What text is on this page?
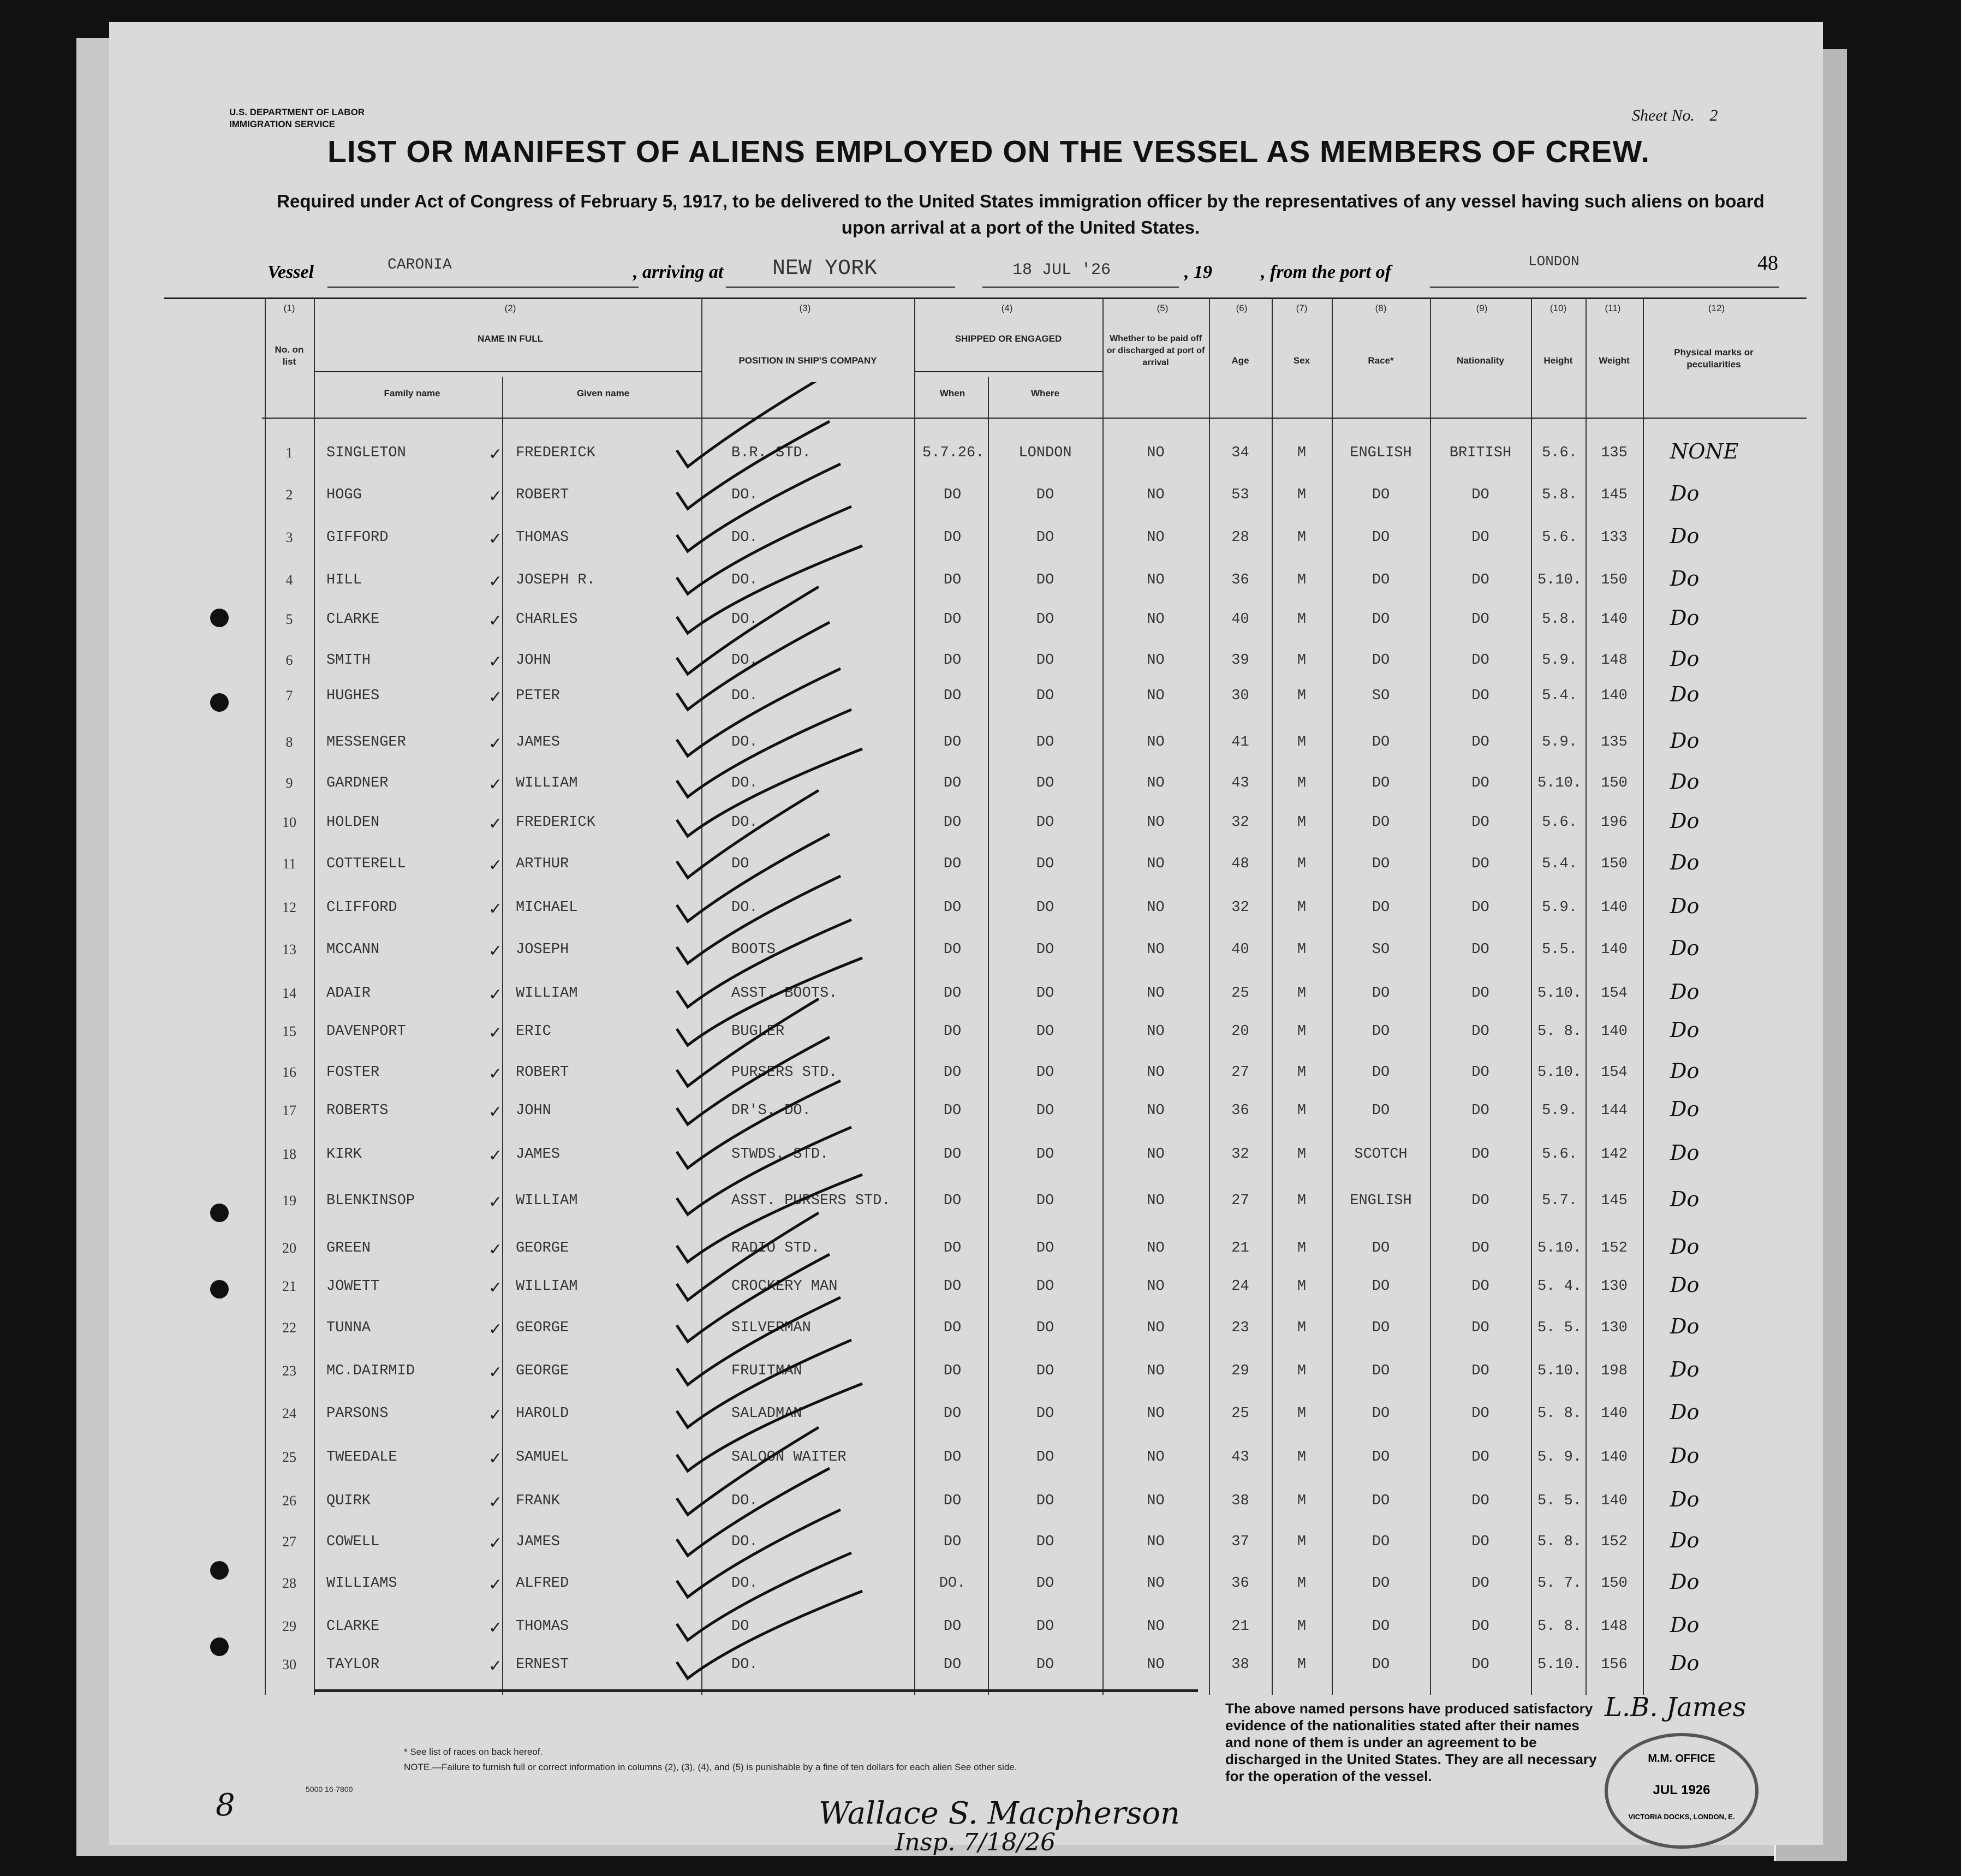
U.S. DEPARTMENT OF LABOR
IMMIGRATION SERVICE	Sheet No. 2
LIST OR MANIFEST OF ALIENS EMPLOYED ON THE VESSEL AS MEMBERS OF CREW.
Required under Act of Congress of February 5, 1917, to be delivered to the United States immigration officer by the representatives of any vessel having such aliens on board upon arrival at a port of the United States.
Vessel	CARONIA	, arriving at NEW YORK	18 JUL '26	, 19	, from the port of
LONDON	48
(1)	(2)	(3)	(4)	(5)	(6)	(7)	(8)	(9)	(10)	(11)	(12)
No. on list
NAME IN FULL
Family name	Given name
POSITION IN SHIP'S COMPANY
SHIPPED OR ENGAGED
When	Where
Whether to be paid off or discharged at port of arrival	Age	Sex	Race*	Nationality	Height	Weight
Physical marks or peculiarities
1	SINGLETON	✓ FREDERICK	B.R. STD.	5.7.26.	LONDON	NO	34	M	ENGLISH	BRITISH	5.6.	135	NONE
2	HOGG	✓ ROBERT	DO.	DO	DO	NO	53	M	DO	DO	5.8.	145	Do
3	GIFFORD	✓ THOMAS	DO.	DO	DO	NO	28	M	DO	DO	5.6.	133	Do
4	HILL	✓ JOSEPH R.	DO.	DO	DO	NO	36	M	DO	DO	5.10.	150	Do
5	CLARKE	✓ CHARLES	DO.	DO	DO	NO	40	M	DO	DO	5.8.	140	Do
6	SMITH	✓ JOHN	DO.	DO	DO	NO	39	M	DO	DO	5.9.	148	Do
7	HUGHES	✓ PETER	DO.	DO	DO	NO	30	M	SO	DO	5.4.	140	Do
8	MESSENGER	✓ JAMES	DO.	DO	DO	NO	41	M	DO	DO	5.9.	135	Do
9	GARDNER	✓ WILLIAM	DO.	DO	DO	NO	43	M	DO	DO	5.10.	150	Do
10	HOLDEN	✓ FREDERICK	DO.	DO	DO	NO	32	M	DO	DO	5.6.	196	Do
11	COTTERELL	✓ ARTHUR	DO	DO	DO	NO	48	M	DO	DO	5.4.	150	Do
12	CLIFFORD	✓ MICHAEL	DO.	DO	DO	NO	32	M	DO	DO	5.9.	140	Do
13	MCCANN	✓ JOSEPH	BOOTS	DO	DO	NO	40	M	SO	DO	5.5.	140	Do
14	ADAIR	✓ WILLIAM	ASST. BOOTS.	DO	DO	NO	25	M	DO	DO	5.10.	154	Do
15	DAVENPORT	✓ ERIC	BUGLER	DO	DO	NO	20	M	DO	DO	5. 8.	140	Do
16	FOSTER	✓ ROBERT	PURSERS STD.	DO	DO	NO	27	M	DO	DO	5.10.	154	Do
17	ROBERTS	✓ JOHN	DR'S. DO.	DO	DO	NO	36	M	DO	DO	5.9.	144	Do
18	KIRK	✓ JAMES	STWDS. STD.	DO	DO	NO	32	M	SCOTCH	DO	5.6.	142	Do
19	BLENKINSOP	✓ WILLIAM	ASST. PURSERS STD.	DO	DO	NO	27	M	ENGLISH	DO	5.7.	145	Do
20	GREEN	✓ GEORGE	RADIO STD.	DO	DO	NO	21	M	DO	DO	5.10.	152	Do
21	JOWETT	✓ WILLIAM	CROCKERY MAN	DO	DO	NO	24	M	DO	DO	5. 4.	130	Do
22	TUNNA	✓ GEORGE	SILVERMAN	DO	DO	NO	23	M	DO	DO	5. 5.	130	Do
23	MC.DAIRMID	✓ GEORGE	FRUITMAN	DO	DO	NO	29	M	DO	DO	5.10.	198	Do
24	PARSONS	✓ HAROLD	SALADMAN	DO	DO	NO	25	M	DO	DO	5. 8.	140	Do
25	TWEEDALE	✓ SAMUEL	SALOON WAITER	DO	DO	NO	43	M	DO	DO	5. 9.	140	Do
26	QUIRK	✓ FRANK	DO.	DO	DO	NO	38	M	DO	DO	5. 5.	140	Do
27	COWELL	✓ JAMES	DO.	DO	DO	NO	37	M	DO	DO	5. 8.	152	Do
28	WILLIAMS	✓ ALFRED	DO.	DO.	DO	NO	36	M	DO	DO	5. 7.	150	Do
29	CLARKE	✓ THOMAS	DO	DO	DO	NO	21	M	DO	DO	5. 8.	148	Do
30	TAYLOR	✓ ERNEST	DO.	DO	DO	NO	38	M	DO	DO	5.10.	156	Do
* See list of races on back hereof.
NOTE.—Failure to furnish full or correct information in columns (2), (3), (4), and (5) is punishable by a fine of ten dollars for each alien See other side.
5000 16-7800
The above named persons have produced satisfactory evidence of the nationalities stated after their names and none of them is under an agreement to be discharged in the United States. They are all necessary for the operation of the vessel.
L.B. James
M.M. OFFICE
JUL 1926
VICTORIA DOCKS, LONDON, E.
8	Wallace S. Macpherson
Insp. 7/18/26
